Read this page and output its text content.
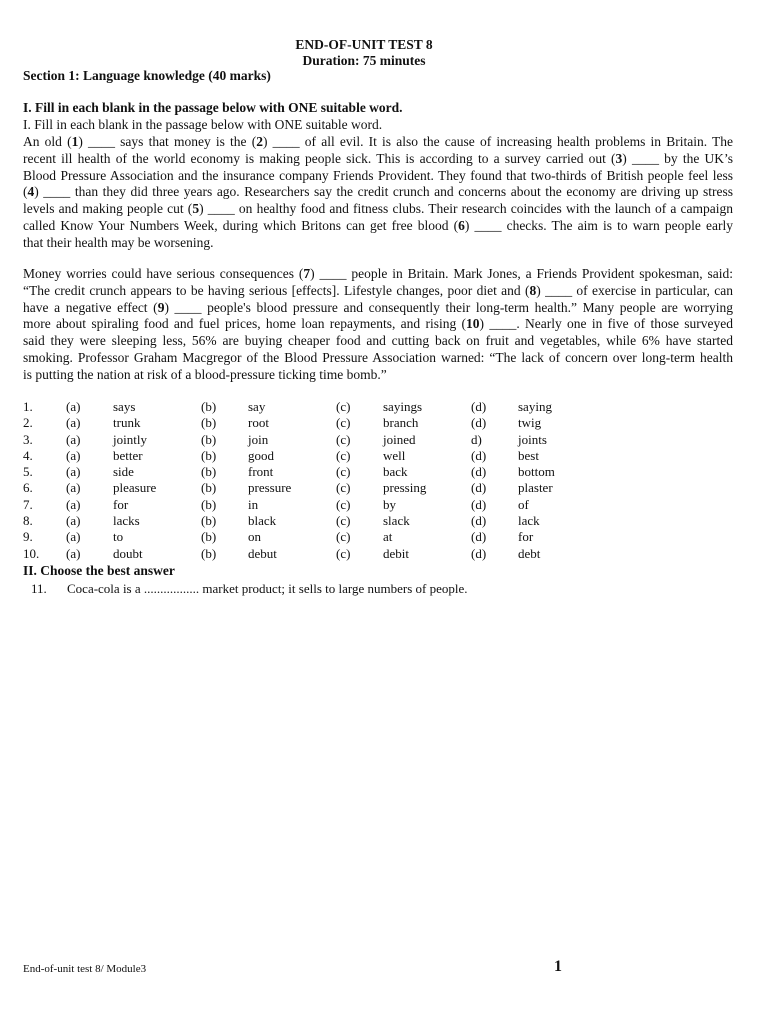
END-OF-UNIT TEST 8
Duration: 75 minutes
Section 1: Language knowledge (40 marks)
I. Fill in each blank in the passage below with ONE suitable word.
I. Fill in each blank in the passage below with ONE suitable word.
An old (1) ____ says that money is the (2) ____ of all evil. It is also the cause of increasing health problems in Britain. The
recent ill health of the world economy is making people sick. This is according to a survey carried out (3) ____ by the UK’s
Blood Pressure Association and the insurance company Friends Provident. They found that two-thirds of British people feel less
(4) ____ than they did three years ago. Researchers say the credit crunch and concerns about the economy are driving up stress
levels and making people cut (5) ____ on healthy food and fitness clubs. Their research coincides with the launch of a campaign
called Know Your Numbers Week, during which Britons can get free blood (6) ____ checks. The aim is to warn people early
that their health may be worsening.
Money worries could have serious consequences (7) ____ people in Britain. Mark Jones, a Friends Provident spokesman, said:
“The credit crunch appears to be having serious [effects]. Lifestyle changes, poor diet and (8) ____ of exercise in particular, can
have a negative effect (9) ____ people's blood pressure and consequently their long-term health.” Many people are worrying
more about spiraling food and fuel prices, home loan repayments, and rising (10) ____. Nearly one in five of those surveyed
said they were sleeping less, 56% are buying cheaper food and cutting back on fruit and vegetables, while 6% have started
smoking. Professor Graham Macgregor of the Blood Pressure Association warned: “The lack of concern over long-term health
is putting the nation at risk of a blood-pressure ticking time bomb.”
1.	(a)	says	(b)	say	(c)	sayings	(d)	saying
2.	(a)	trunk	(b)	root	(c)	branch	(d)	twig
3.	(a)	jointly	(b)	join	(c)	joined	d)	joints
4.	(a)	better	(b)	good	(c)	well	(d)	best
5.	(a)	side	(b)	front	(c)	back	(d)	bottom
6.	(a)	pleasure	(b)	pressure	(c)	pressing	(d)	plaster
7.	(a)	for	(b)	in	(c)	by	(d)	of
8.	(a)	lacks	(b)	black	(c)	slack	(d)	lack
9.	(a)	to	(b)	on	(c)	at	(d)	for
10.	(a)	doubt	(b)	debut	(c)	debit	(d)	debt
II. Choose the best answer
11. Coca-cola is a ................. market product; it sells to large numbers of people.
End-of-unit test 8/ Module3	1
